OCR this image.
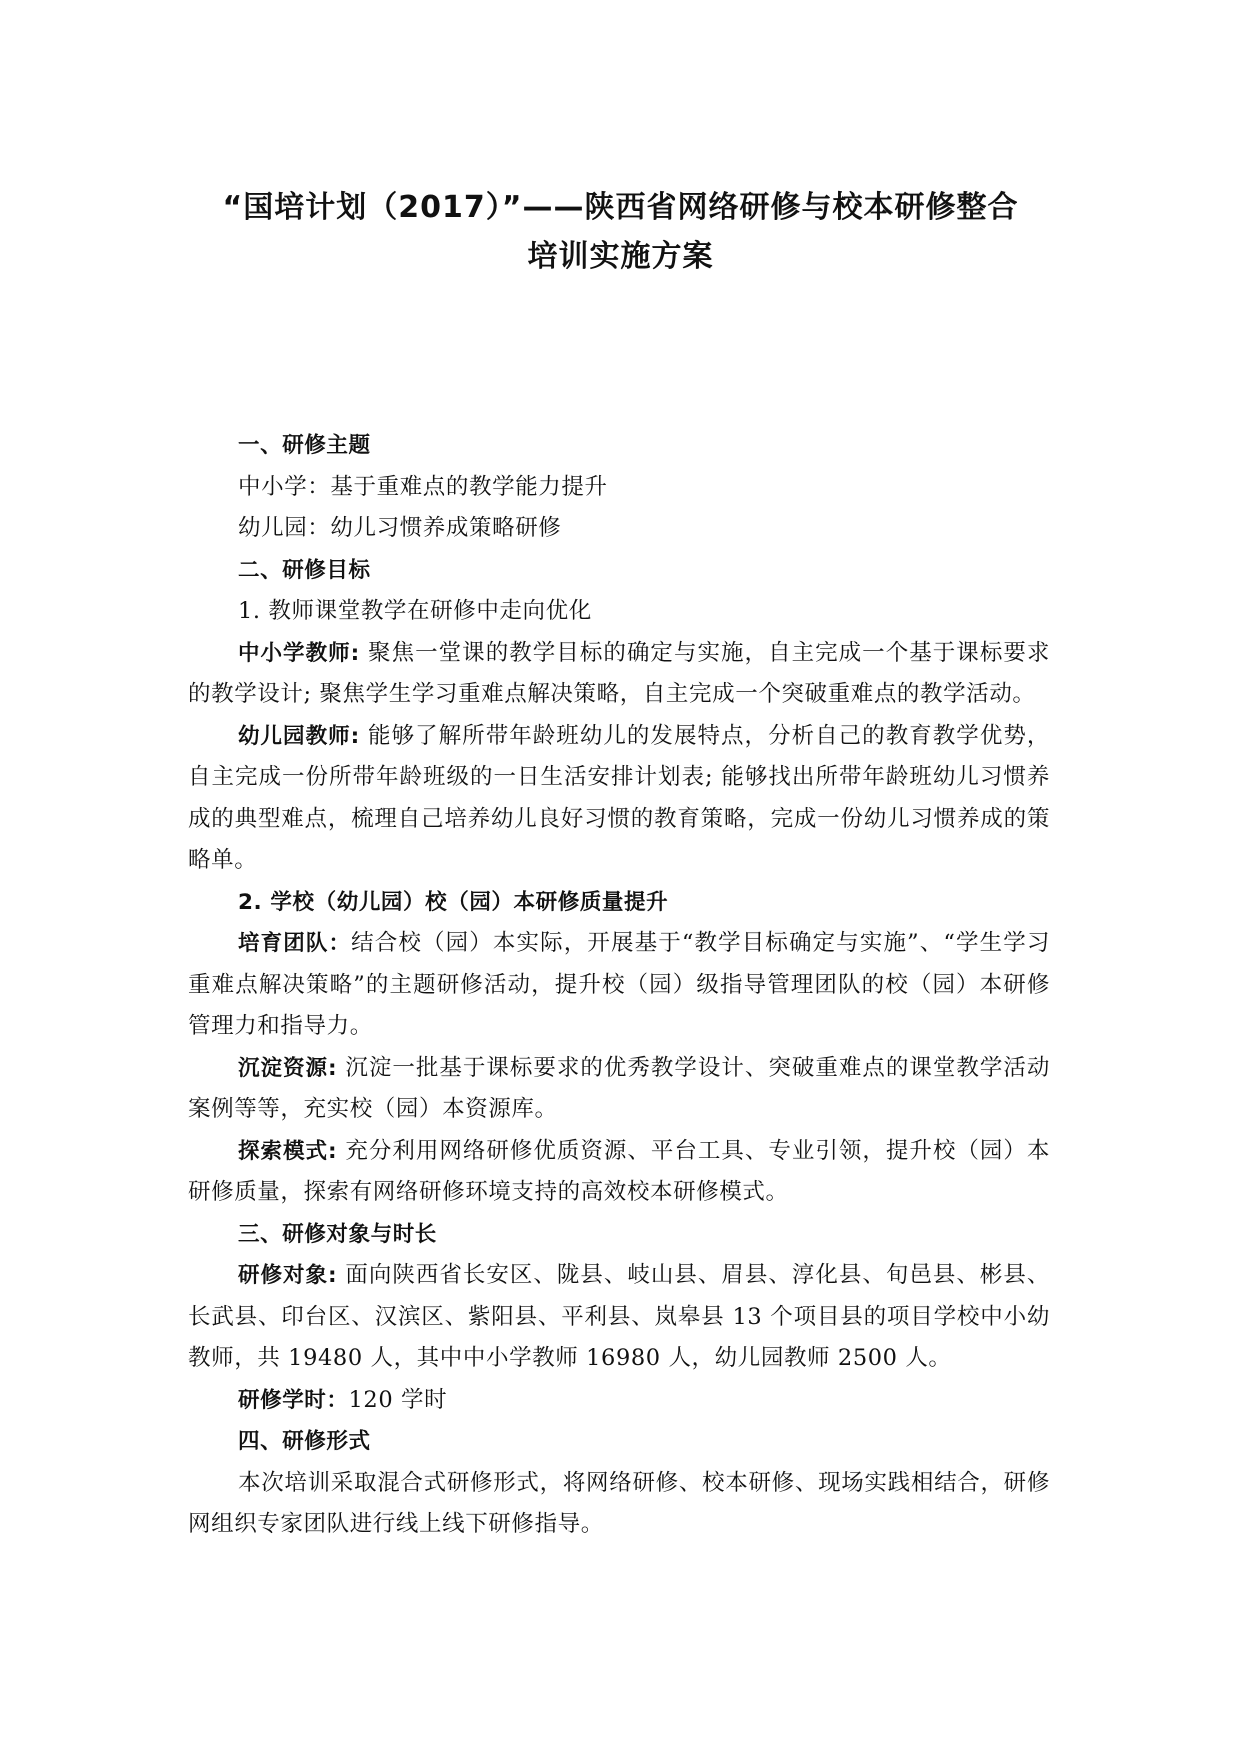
“国培计划（2017）”——陕西省网络研修与校本研修整合
培训实施方案

一、研修主题

中小学：基于重难点的教学能力提升

幼儿园：幼儿习惯养成策略研修

二、研修目标

1. 教师课堂教学在研修中走向优化

中小学教师: 聚焦一堂课的教学目标的确定与实施，自主完成一个基于课标要求的教学设计; 聚焦学生学习重难点解决策略，自主完成一个突破重难点的教学活动。

幼儿园教师: 能够了解所带年龄班幼儿的发展特点，分析自己的教育教学优势，自主完成一份所带年龄班级的一日生活安排计划表; 能够找出所带年龄班幼儿习惯养成的典型难点，梳理自己培养幼儿良好习惯的教育策略，完成一份幼儿习惯养成的策略单。

2. 学校（幼儿园）校（园）本研修质量提升

培育团队：结合校（园）本实际，开展基于“教学目标确定与实施”、“学生学习重难点解决策略”的主题研修活动，提升校（园）级指导管理团队的校（园）本研修管理力和指导力。

沉淀资源: 沉淀一批基于课标要求的优秀教学设计、突破重难点的课堂教学活动案例等等，充实校（园）本资源库。

探索模式: 充分利用网络研修优质资源、平台工具、专业引领，提升校（园）本研修质量，探索有网络研修环境支持的高效校本研修模式。

三、研修对象与时长

研修对象: 面向陕西省长安区、陇县、岐山县、眉县、淳化县、旬邑县、彬县、长武县、印台区、汉滨区、紫阳县、平利县、岚皋县 13 个项目县的项目学校中小幼教师，共 19480 人，其中中小学教师 16980 人，幼儿园教师 2500 人。

研修学时：120 学时

四、研修形式

本次培训采取混合式研修形式，将网络研修、校本研修、现场实践相结合，研修网组织专家团队进行线上线下研修指导。
